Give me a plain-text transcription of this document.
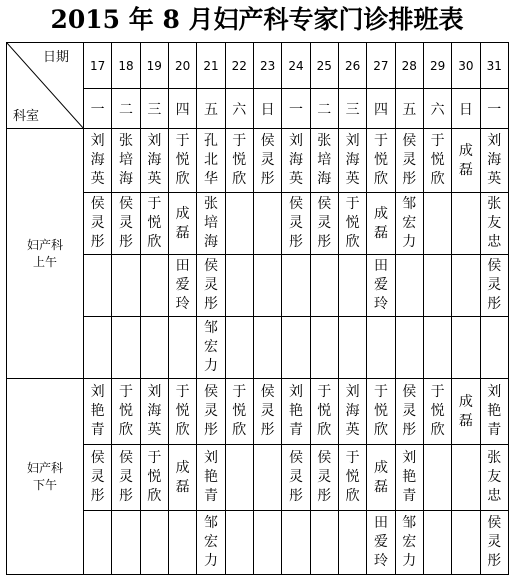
2015 年 8 月妇产科专家门诊排班表
日期
科室	17	18	19	20	21	22	23	24	25	26	27	28	29	30	31
	一	二	三	四	五	六	日	一	二	三	四	五	六	日	一

妇产科
上午	刘海英	张培海	刘海英	于悦欣	孔北华	于悦欣	侯灵彤	刘海英	张培海	刘海英	于悦欣	侯灵彤	于悦欣	成 磊	刘海英

	侯灵彤	侯灵彤	于悦欣	成 磊	张培海			侯灵彤	侯灵彤	于悦欣	成 磊	邹宏力			张友忠

				田爱玲	侯灵彤						田爱玲				侯灵彤

					邹宏力										

妇产科
下午	刘艳青	于悦欣	刘海英	于悦欣	侯灵彤	于悦欣	侯灵彤	刘艳青	于悦欣	刘海英	于悦欣	侯灵彤	于悦欣	成 磊	刘艳青

	侯灵彤	侯灵彤	于悦欣	成 磊	刘艳青			侯灵彤	侯灵彤	于悦欣	成 磊	刘艳青			张友忠

					邹宏力						田爱玲	邹宏力			侯灵彤
